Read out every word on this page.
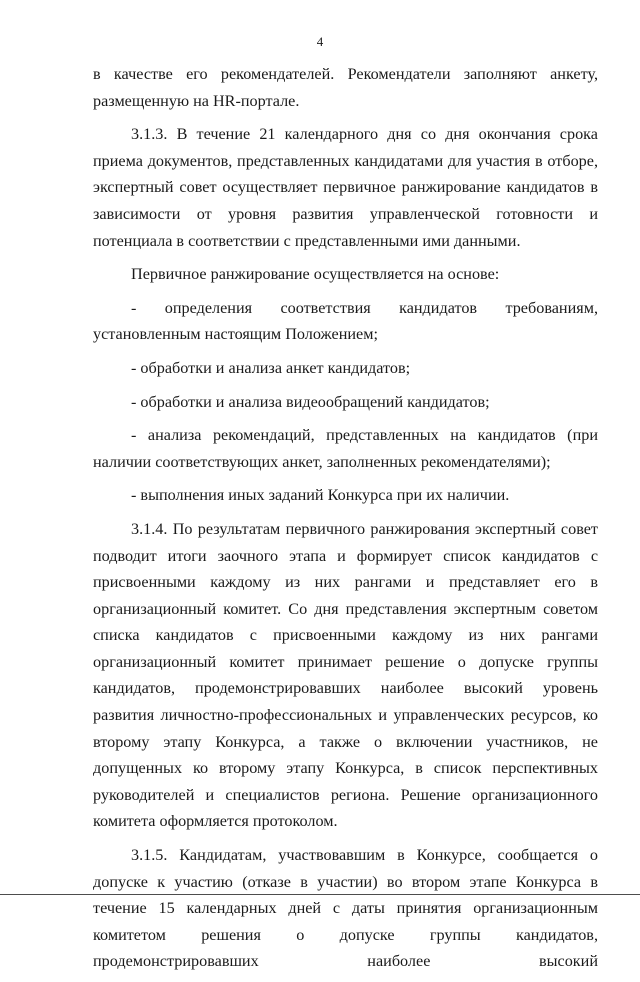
4

в качестве его рекомендателей. Рекомендатели заполняют анкету, размещенную на HR-портале.

3.1.3. В течение 21 календарного дня со дня окончания срока приема документов, представленных кандидатами для участия в отборе, экспертный совет осуществляет первичное ранжирование кандидатов в зависимости от уровня развития управленческой готовности и потенциала в соответствии с представленными ими данными.

Первичное ранжирование осуществляется на основе:

- определения соответствия кандидатов требованиям, установленным настоящим Положением;

- обработки и анализа анкет кандидатов;

- обработки и анализа видеообращений кандидатов;

- анализа рекомендаций, представленных на кандидатов (при наличии соответствующих анкет, заполненных рекомендателями);

- выполнения иных заданий Конкурса при их наличии.

3.1.4. По результатам первичного ранжирования экспертный совет подводит итоги заочного этапа и формирует список кандидатов с присвоенными каждому из них рангами и представляет его в организационный комитет. Со дня представления экспертным советом списка кандидатов с присвоенными каждому из них рангами организационный комитет принимает решение о допуске группы кандидатов, продемонстрировавших наиболее высокий уровень развития личностно-профессиональных и управленческих ресурсов, ко второму этапу Конкурса, а также о включении участников, не допущенных ко второму этапу Конкурса, в список перспективных руководителей и специалистов региона. Решение организационного комитета оформляется протоколом.

3.1.5. Кандидатам, участвовавшим в Конкурсе, сообщается о допуске к участию (отказе в участии) во втором этапе Конкурса в течение 15 календарных дней с даты принятия организационным комитетом решения о допуске группы кандидатов, продемонстрировавших наиболее высокий
